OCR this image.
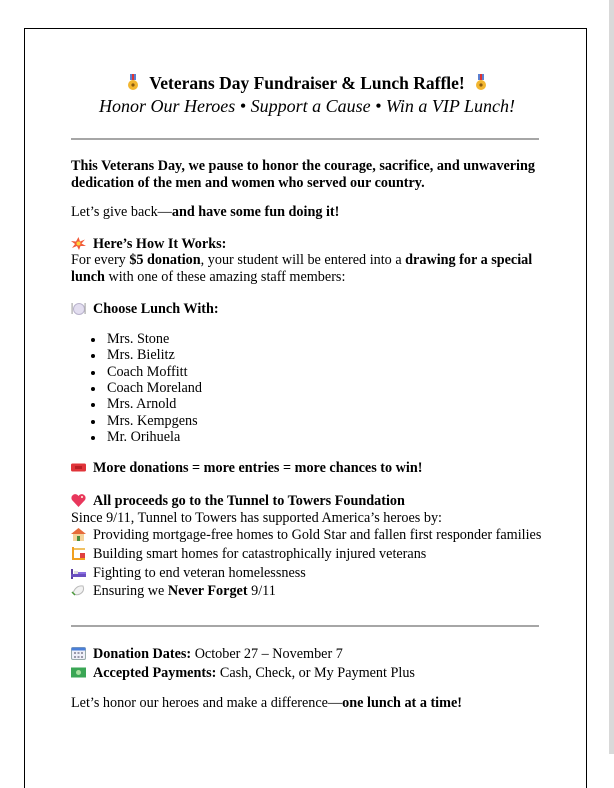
Veterans Day Fundraiser & Lunch Raffle!
Honor Our Heroes • Support a Cause • Win a VIP Lunch!
This Veterans Day, we pause to honor the courage, sacrifice, and unwavering
dedication of the men and women who served our country.
Let’s give back—and have some fun doing it!
Here’s How It Works:
For every $5 donation, your student will be entered into a drawing for a special
lunch with one of these amazing staff members:
Choose Lunch With:
Mrs. Stone
Mrs. Bielitz
Coach Moffitt
Coach Moreland
Mrs. Arnold
Mrs. Kempgens
Mr. Orihuela
More donations = more entries = more chances to win!
All proceeds go to the Tunnel to Towers Foundation
Since 9/11, Tunnel to Towers has supported America’s heroes by:
Providing mortgage-free homes to Gold Star and fallen first responder families
Building smart homes for catastrophically injured veterans
Fighting to end veteran homelessness
Ensuring we Never Forget 9/11
Donation Dates: October 27 – November 7
Accepted Payments: Cash, Check, or My Payment Plus
Let’s honor our heroes and make a difference—one lunch at a time!
